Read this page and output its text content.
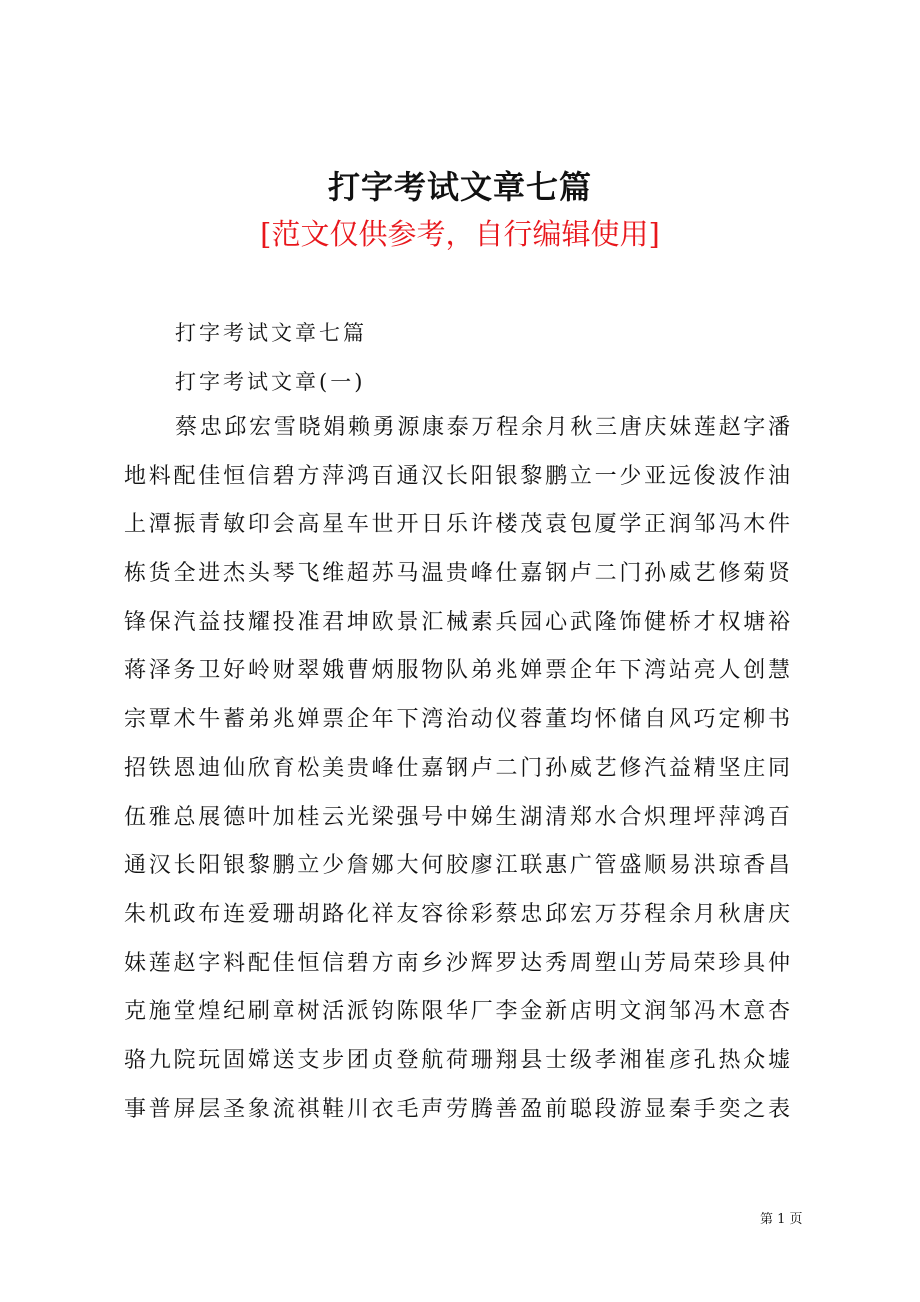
打字考试文章七篇
[范文仅供参考，自行编辑使用]
打字考试文章七篇
打字考试文章(一)
蔡忠邱宏雪晓娟赖勇源康泰万程余月秋三唐庆妹莲赵字潘
地料配佳恒信碧方萍鸿百通汉长阳银黎鹏立一少亚远俊波作油
上潭振青敏印会高星车世开日乐许楼茂袁包厦学正润邹冯木件
栋货全进杰头琴飞维超苏马温贵峰仕嘉钢卢二门孙威艺修菊贤
锋保汽益技耀投准君坤欧景汇械素兵园心武隆饰健桥才权塘裕
蒋泽务卫好岭财翠娥曹炳服物队弟兆婵票企年下湾站亮人创慧
宗覃术牛蓄弟兆婵票企年下湾治动仪蓉董均怀储自风巧定柳书
招铁恩迪仙欣育松美贵峰仕嘉钢卢二门孙威艺修汽益精坚庄同
伍雅总展德叶加桂云光梁强号中娣生湖清郑水合炽理坪萍鸿百
通汉长阳银黎鹏立少詹娜大何胶廖江联惠广管盛顺易洪琼香昌
朱机政布连爱珊胡路化祥友容徐彩蔡忠邱宏万芬程余月秋唐庆
妹莲赵字料配佳恒信碧方南乡沙辉罗达秀周塑山芳局荣珍具仲
克施堂煌纪刷章树活派钧陈限华厂李金新店明文润邹冯木意杏
骆九院玩固嫦送支步团贞登航荷珊翔县士级孝湘崔彦孔热众墟
事普屏层圣象流祺鞋川衣毛声劳腾善盈前聪段游显秦手奕之表
第 1 页
